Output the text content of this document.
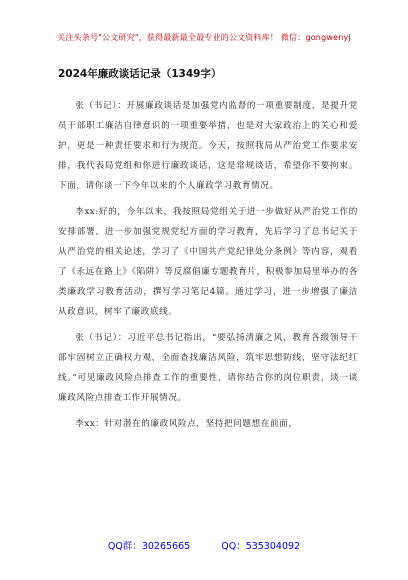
关注头条号"公文研究"，获得最新最全最专业的公文资料库！ 微信：gongwenyj
2024年廉政谈话记录（1349字）

张（书记）：开展廉政谈话是加强党内监督的一项重要制度，是提升党员干部职工廉洁自律意识的一项重要举措，也是对大家政治上的关心和爱护，更是一种责任要求和行为规范。今天，按照我局从严治党工作要求安排，我代表局党组和你进行廉政谈话，这是常规谈话，希望你不要拘束。下面，请你谈一下今年以来的个人廉政学习教育情况。

李xx:好的，今年以来，我按照局党组关于进一步做好从严治党工作的安排部署，进一步加强党规党纪方面的学习教育，先后学习了总书记关于从严治党的相关论述，学习了《中国共产党纪律处分条例》等内容，观看了《永远在路上》《陷阱》等反腐倡廉专题教育片，积极参加局里举办的各类廉政学习教育活动，撰写学习笔记4篇。通过学习，进一步增强了廉洁从政意识，树牢了廉政底线。

张（书记）：习近平总书记指出，“要弘扬清廉之风，教育各级领导干部牢固树立正确权力观，全面查找廉洁风险，筑牢思想防线，坚守法纪红线。”可见廉政风险点排查工作的重要性，请你结合你的岗位职责，谈一谈廉政风险点排查工作开展情况。

李xx：针对潜在的廉政风险点，坚持把问题想在前面，

QQ群：30265665	QQ：535304092
